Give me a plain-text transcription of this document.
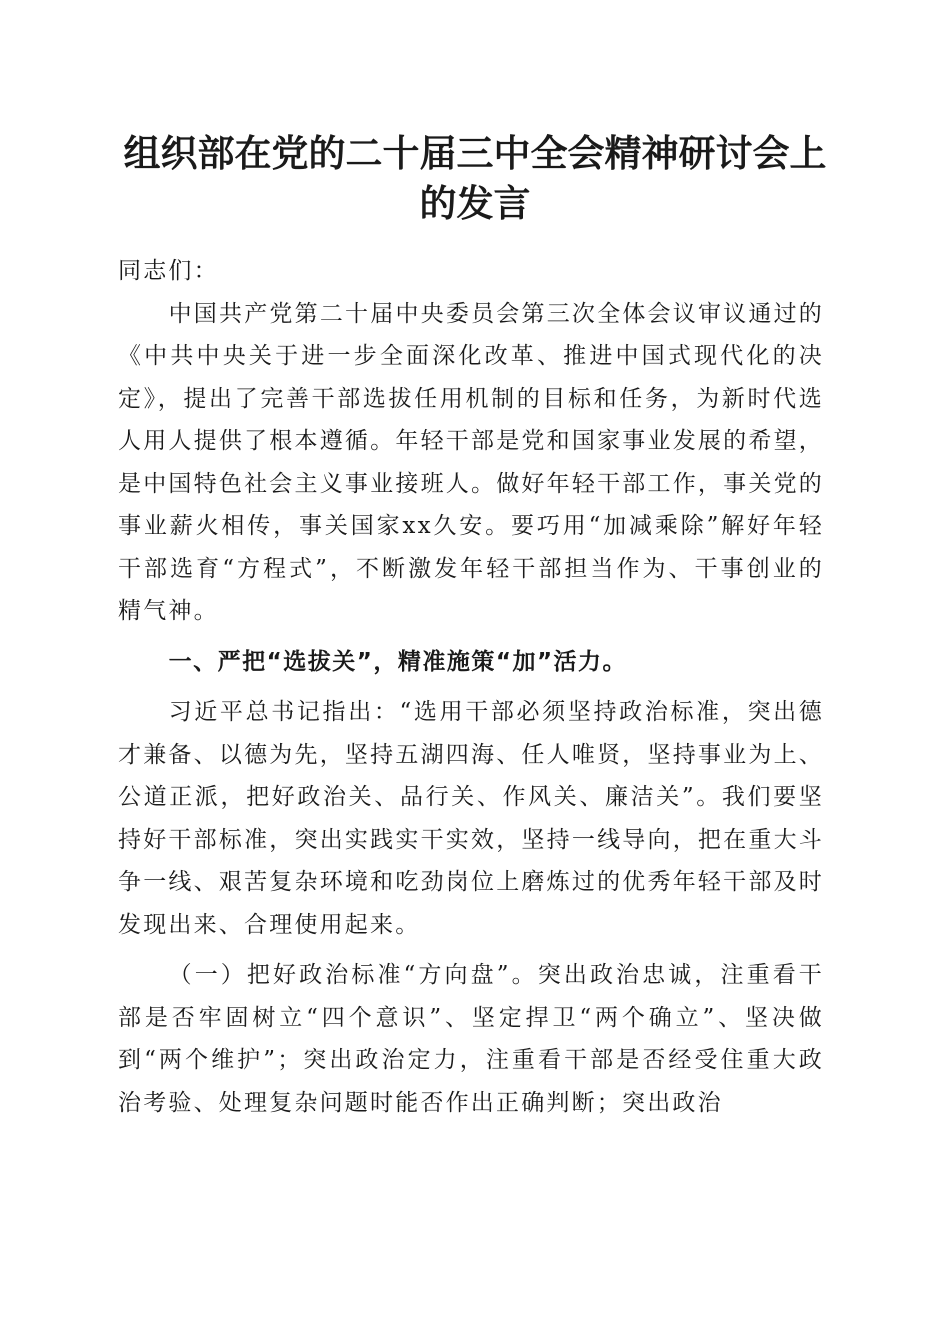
组织部在党的二十届三中全会精神研讨会上的发言

同志们：

中国共产党第二十届中央委员会第三次全体会议审议通过的《中共中央关于进一步全面深化改革、推进中国式现代化的决定》，提出了完善干部选拔任用机制的目标和任务，为新时代选人用人提供了根本遵循。年轻干部是党和国家事业发展的希望，是中国特色社会主义事业接班人。做好年轻干部工作，事关党的事业薪火相传，事关国家xx久安。要巧用“加减乘除”解好年轻干部选育“方程式”，不断激发年轻干部担当作为、干事创业的精气神。

一、严把“选拔关”，精准施策“加”活力。

习近平总书记指出：“选用干部必须坚持政治标准，突出德才兼备、以德为先，坚持五湖四海、任人唯贤，坚持事业为上、公道正派，把好政治关、品行关、作风关、廉洁关”。我们要坚持好干部标准，突出实践实干实效，坚持一线导向，把在重大斗争一线、艰苦复杂环境和吃劲岗位上磨炼过的优秀年轻干部及时发现出来、合理使用起来。

（一）把好政治标准“方向盘”。突出政治忠诚，注重看干部是否牢固树立“四个意识”、坚定捍卫“两个确立”、坚决做到“两个维护”；突出政治定力，注重看干部是否经受住重大政治考验、处理复杂问题时能否作出正确判断；突出政治
